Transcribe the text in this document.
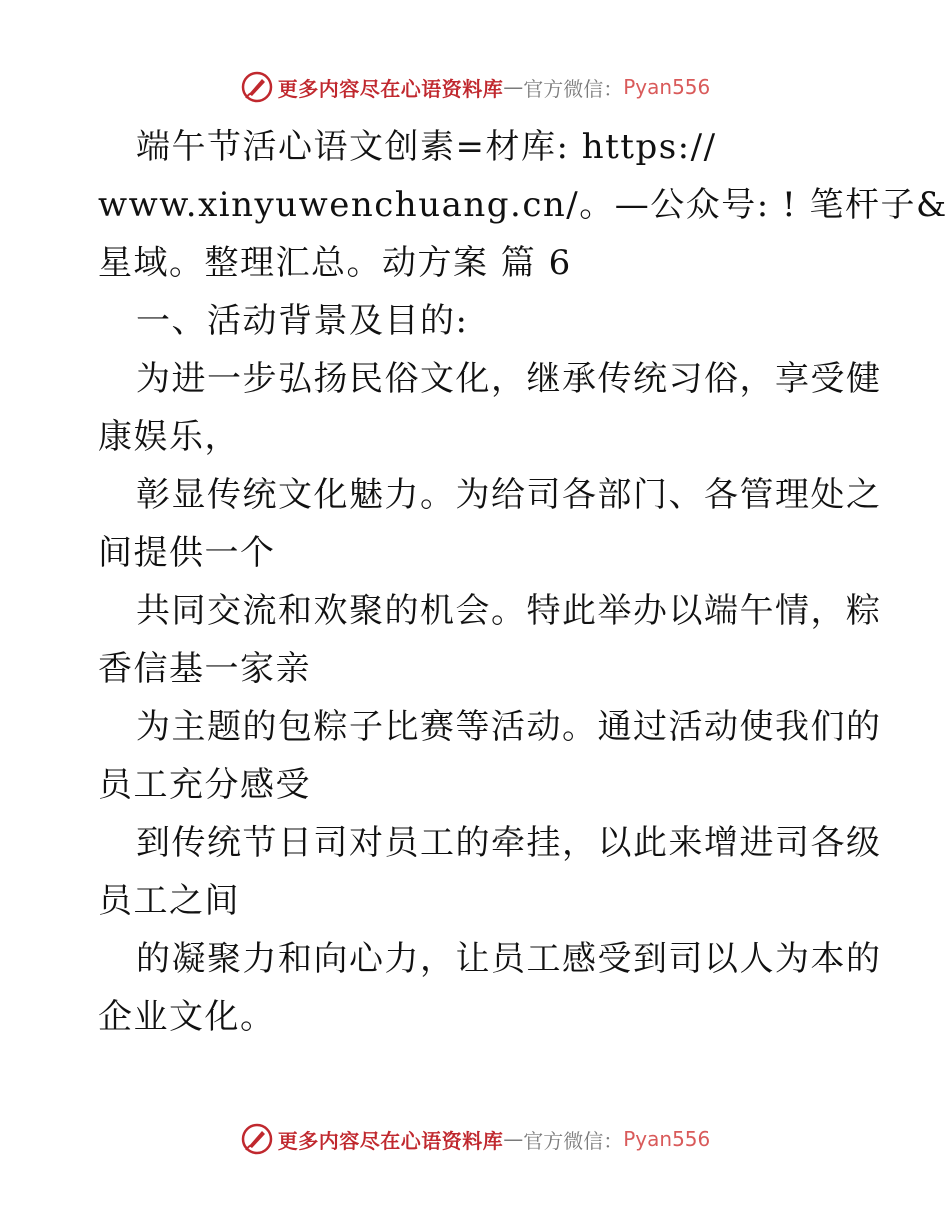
更多内容尽在心语资料库 — 官方微信： Pyan556

端午节活心语文创素=材库: https://

www.xinyuwenchuang.cn/。—公众号: ! 笔杆子&

星域。整理汇总。动方案 篇 6

一、活动背景及目的:

为进一步弘扬民俗文化，继承传统习俗，享受健

康娱乐，

彰显传统文化魅力。为给司各部门、各管理处之

间提供一个

共同交流和欢聚的机会。特此举办以端午情，粽

香信基一家亲

为主题的包粽子比赛等活动。通过活动使我们的

员工充分感受

到传统节日司对员工的牵挂，以此来增进司各级

员工之间

的凝聚力和向心力，让员工感受到司以人为本的

企业文化。

更多内容尽在心语资料库 — 官方微信： Pyan556
